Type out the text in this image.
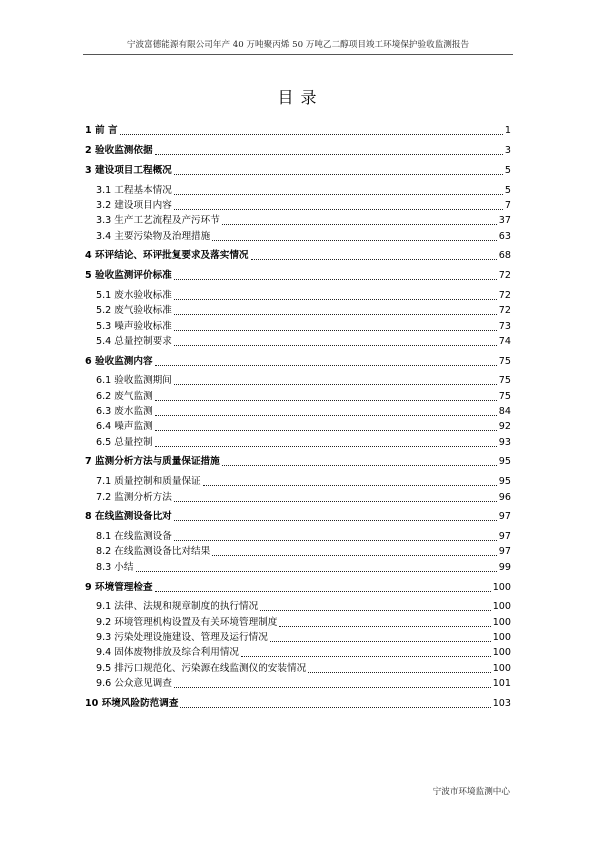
宁波富德能源有限公司年产 40 万吨聚丙烯 50 万吨乙二醇项目竣工环境保护验收监测报告
目 录
1 前 言	1
2 验收监测依据	3
3 建设项目工程概况	5
3.1 工程基本情况	5
3.2 建设项目内容	7
3.3 生产工艺流程及产污环节	37
3.4 主要污染物及治理措施	63
4 环评结论、环评批复要求及落实情况	68
5 验收监测评价标准	72
5.1 废水验收标准	72
5.2 废气验收标准	72
5.3 噪声验收标准	73
5.4 总量控制要求	74
6 验收监测内容	75
6.1 验收监测期间	75
6.2 废气监测	75
6.3 废水监测	84
6.4 噪声监测	92
6.5 总量控制	93
7 监测分析方法与质量保证措施	95
7.1 质量控制和质量保证	95
7.2 监测分析方法	96
8 在线监测设备比对	97
8.1 在线监测设备	97
8.2 在线监测设备比对结果	97
8.3 小结	99
9 环境管理检查	100
9.1 法律、法规和规章制度的执行情况	100
9.2 环境管理机构设置及有关环境管理制度	100
9.3 污染处理设施建设、管理及运行情况	100
9.4 固体废物排放及综合利用情况	100
9.5 排污口规范化、污染源在线监测仪的安装情况	100
9.6 公众意见调查	101
10 环境风险防范调查	103
宁波市环境监测中心
